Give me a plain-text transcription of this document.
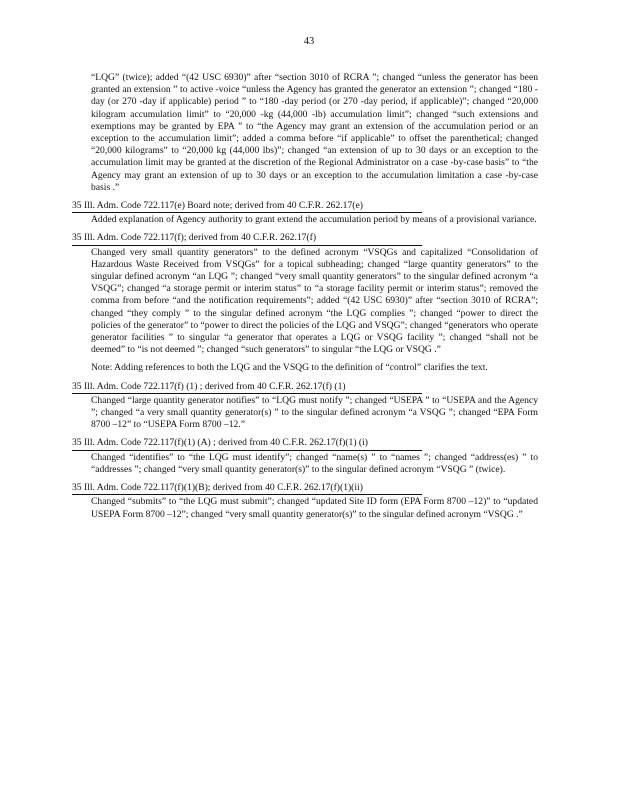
43

“LQG” (twice); added “(42 USC 6930)” after “section 3010 of RCRA ”; changed “unless the generator has been granted an extension ” to active -voice “unless the Agency has granted the generator an extension ”; changed “180 -day (or 270 -day if applicable) period ” to “180 -day period (or 270 -day period, if applicable)”; changed “20,000 kilogram accumulation limit” to “20,000 -kg (44,000 -lb) accumulation limit”; changed “such extensions and exemptions may be granted by EPA ” to “the Agency may grant an extension of the accumulation period or an exception to the accumulation limit”; added a comma before “if applicable” to offset the parenthetical; changed “20,000 kilograms” to “20,000 kg (44,000 lbs)”; changed “an extension of up to 30 days or an exception to the accumulation limit may be granted at the discretion of the Regional Administrator on a case -by-case basis” to “the Agency may grant an extension of up to 30 days or an exception to the accumulation limitation a case -by-case basis .”

35 Ill. Adm. Code 722.117(e) Board note; derived from 40 C.F.R. 262.17(e)

Added explanation of Agency authority to grant extend the accumulation period by means of a provisional variance.

35 Ill. Adm. Code 722.117(f); derived from 40 C.F.R. 262.17(f)

Changed very small quantity generators” to the defined acronym “VSQGs and capitalized “Consolidation of Hazardous Waste Received from VSQGs” for a topical subheading; changed “large quantity generators” to the singular defined acronym “an LQG ”; changed “very small quantity generators” to the singular defined acronym “a VSQG”; changed “a storage permit or interim status” to “a storage facility permit or interim status”; removed the comma from before “and the notification requirements”; added “(42 USC 6930)” after “section 3010 of RCRA”; changed “they comply ” to the singular defined acronym “the LQG complies ”; changed “power to direct the policies of the generator” to “power to direct the policies of the LQG and VSQG”; changed “generators who operate generator facilities ” to singular “a generator that operates a LQG or VSQG facility ”; changed “shall not be deemed” to “is not deemed ”; changed “such generators” to singular “the LQG or VSQG .”

Note: Adding references to both the LQG and the VSQG to the definition of “control” clarifies the text.

35 Ill. Adm. Code 722.117(f) (1) ; derived from 40 C.F.R. 262.17(f) (1)

Changed “large quantity generator notifies” to “LQG must notify ”; changed “USEPA ” to “USEPA and the Agency ”; changed “a very small quantity generator(s) ” to the singular defined acronym “a VSQG ”; changed “EPA Form 8700 –12” to “USEPA Form 8700 –12.”

35 Ill. Adm. Code 722.117(f)(1) (A) ; derived from 40 C.F.R. 262.17(f)(1) (i)

Changed “identifies” to “the LQG must identify”; changed “name(s) ” to “names ”; changed “address(es) ” to “addresses ”; changed “very small quantity generator(s)” to the singular defined acronym “VSQG ” (twice).

35 Ill. Adm. Code 722.117(f)(1)(B); derived from 40 C.F.R. 262.17(f)(1)(ii)

Changed “submits” to “the LQG must submit”; changed “updated Site ID form (EPA Form 8700 –12)” to “updated USEPA Form 8700 –12”; changed “very small quantity generator(s)” to the singular defined acronym “VSQG .”
